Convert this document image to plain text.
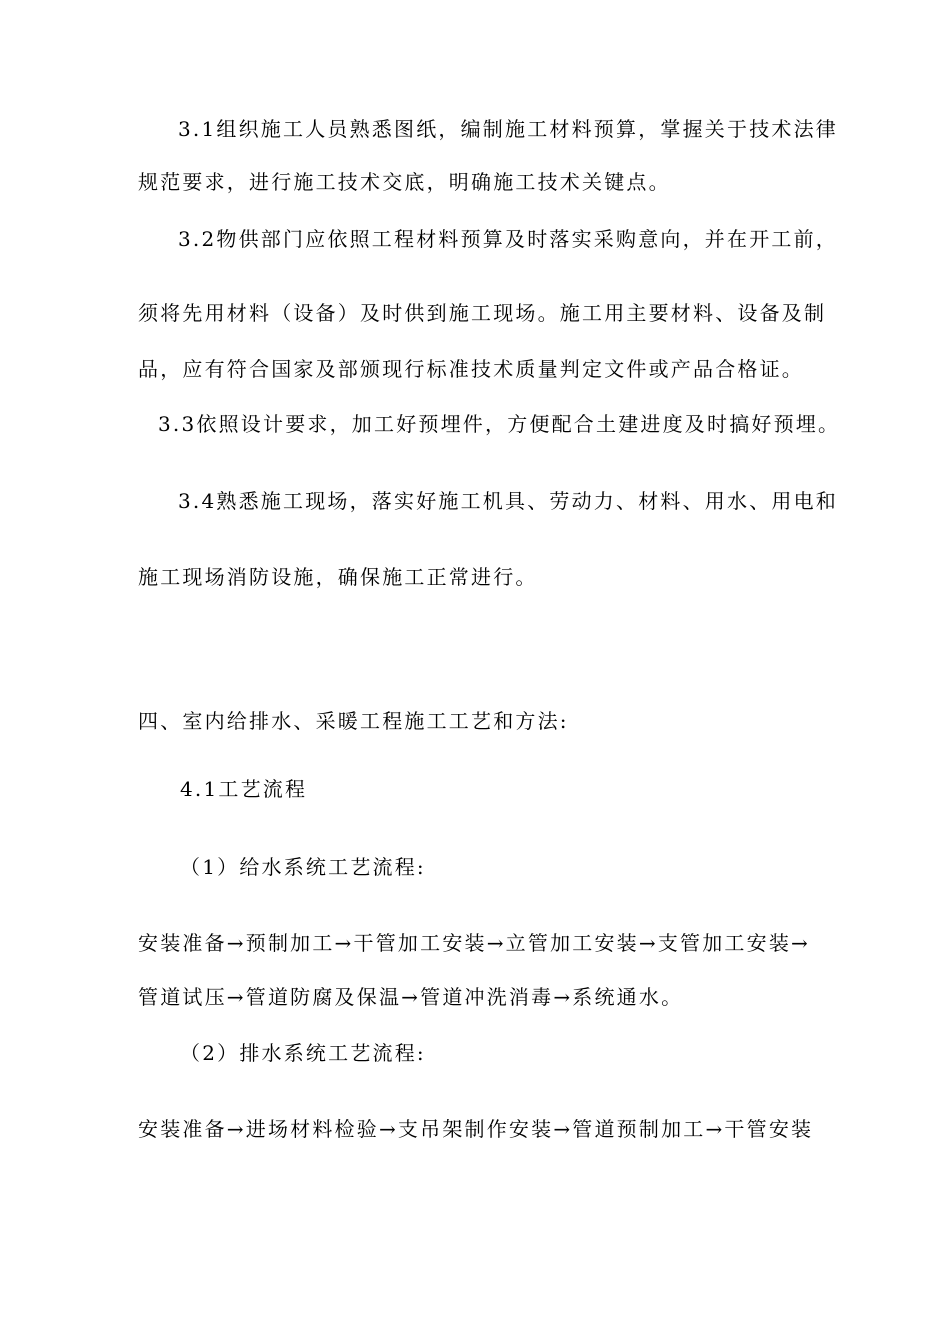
3.1组织施工人员熟悉图纸，编制施工材料预算，掌握关于技术法律
规范要求，进行施工技术交底，明确施工技术关键点。
3.2物供部门应依照工程材料预算及时落实采购意向，并在开工前，
须将先用材料（设备）及时供到施工现场。施工用主要材料、设备及制
品，应有符合国家及部颁现行标准技术质量判定文件或产品合格证。
3.3依照设计要求，加工好预埋件，方便配合土建进度及时搞好预埋。
3.4熟悉施工现场，落实好施工机具、劳动力、材料、用水、用电和
施工现场消防设施，确保施工正常进行。
四、室内给排水、采暖工程施工工艺和方法:
4.1工艺流程
（1）给水系统工艺流程:
安装准备→预制加工→干管加工安装→立管加工安装→支管加工安装→
管道试压→管道防腐及保温→管道冲洗消毒→系统通水。
（2）排水系统工艺流程:
安装准备→进场材料检验→支吊架制作安装→管道预制加工→干管安装
